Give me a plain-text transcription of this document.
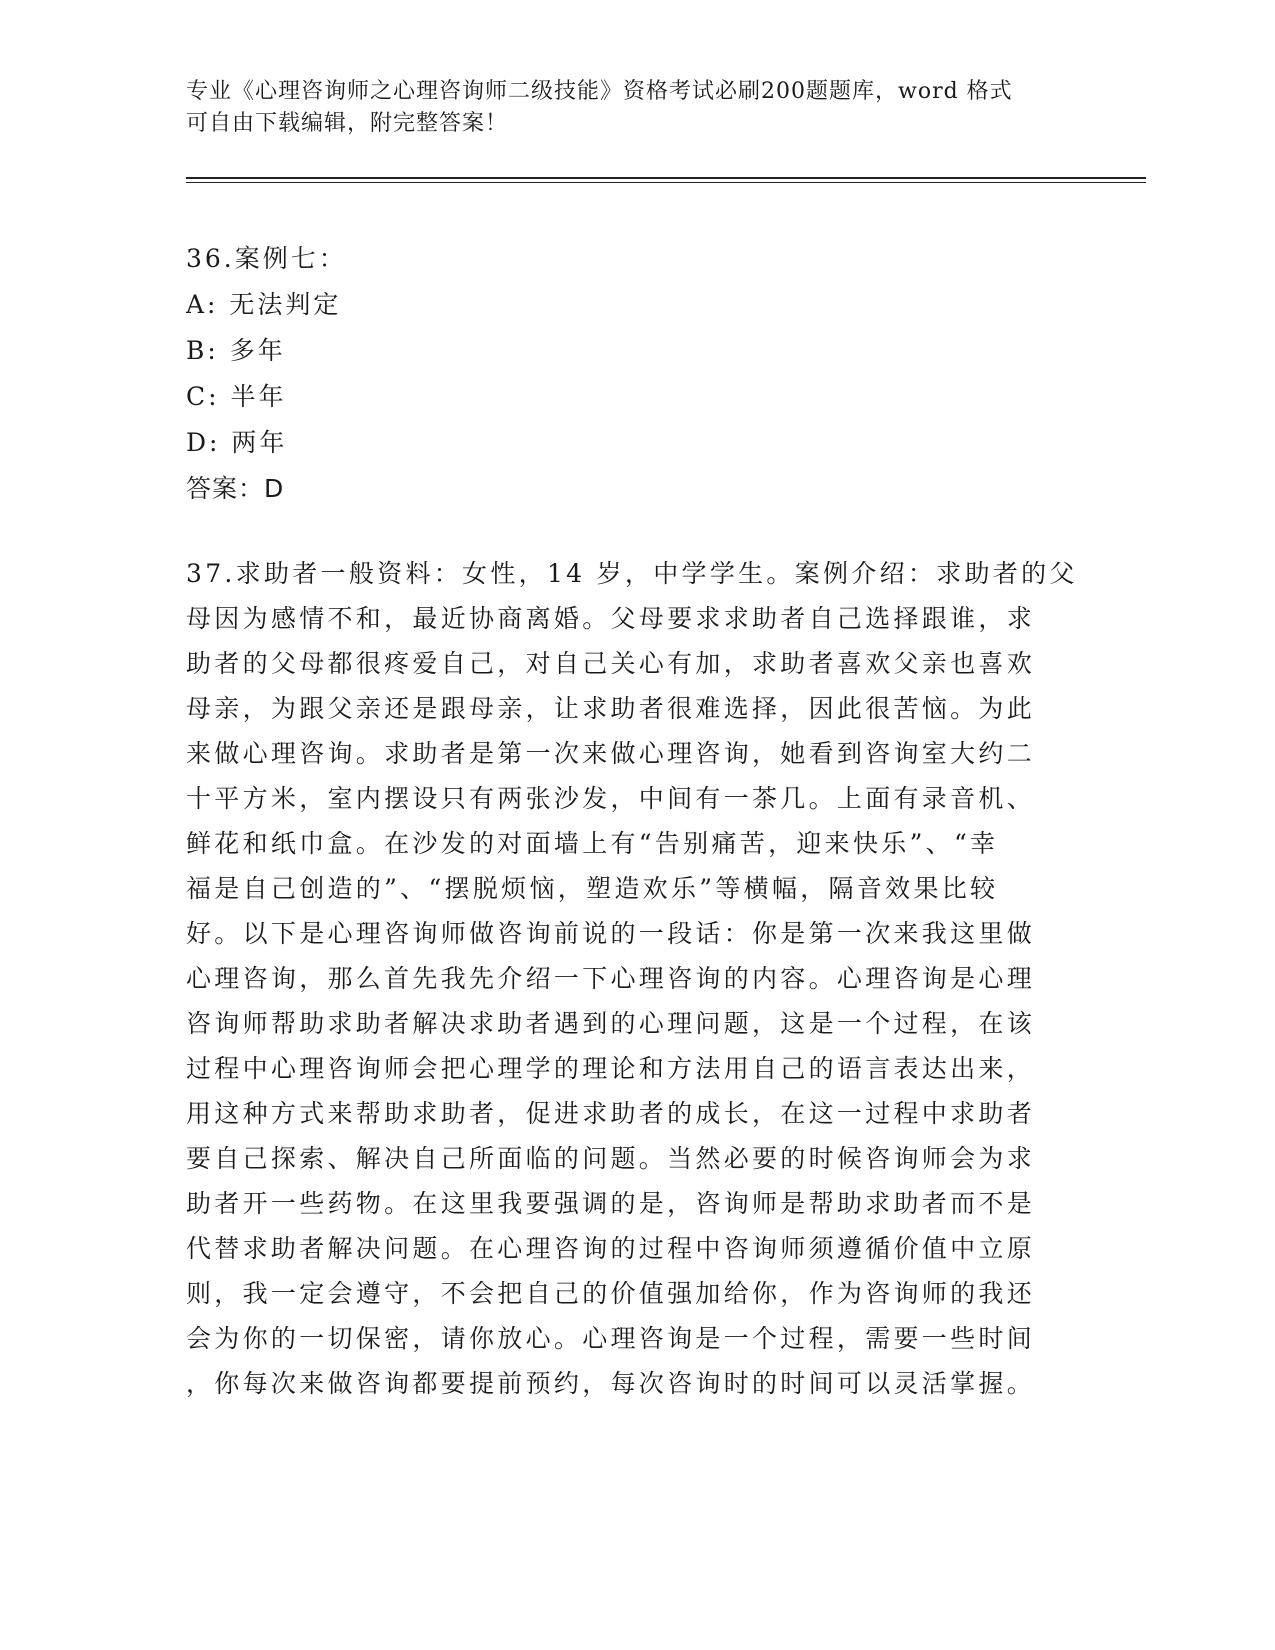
专业《心理咨询师之心理咨询师二级技能》资格考试必刷200题题库，word 格式
可自由下载编辑，附完整答案！
36.案例七：
A: 无法判定
B: 多年
C: 半年
D: 两年
答案：D
37.求助者一般资料：女性，14 岁，中学学生。案例介绍：求助者的父
母因为感情不和，最近协商离婚。父母要求求助者自己选择跟谁，求
助者的父母都很疼爱自己，对自己关心有加，求助者喜欢父亲也喜欢
母亲，为跟父亲还是跟母亲，让求助者很难选择，因此很苦恼。为此
来做心理咨询。求助者是第一次来做心理咨询，她看到咨询室大约二
十平方米，室内摆设只有两张沙发，中间有一茶几。上面有录音机、
鲜花和纸巾盒。在沙发的对面墙上有“告别痛苦，迎来快乐”、“幸
福是自己创造的”、“摆脱烦恼，塑造欢乐”等横幅，隔音效果比较
好。以下是心理咨询师做咨询前说的一段话：你是第一次来我这里做
心理咨询，那么首先我先介绍一下心理咨询的内容。心理咨询是心理
咨询师帮助求助者解决求助者遇到的心理问题，这是一个过程，在该
过程中心理咨询师会把心理学的理论和方法用自己的语言表达出来，
用这种方式来帮助求助者，促进求助者的成长，在这一过程中求助者
要自己探索、解决自己所面临的问题。当然必要的时候咨询师会为求
助者开一些药物。在这里我要强调的是，咨询师是帮助求助者而不是
代替求助者解决问题。在心理咨询的过程中咨询师须遵循价值中立原
则，我一定会遵守，不会把自己的价值强加给你，作为咨询师的我还
会为你的一切保密，请你放心。心理咨询是一个过程，需要一些时间
，你每次来做咨询都要提前预约，每次咨询时的时间可以灵活掌握。
